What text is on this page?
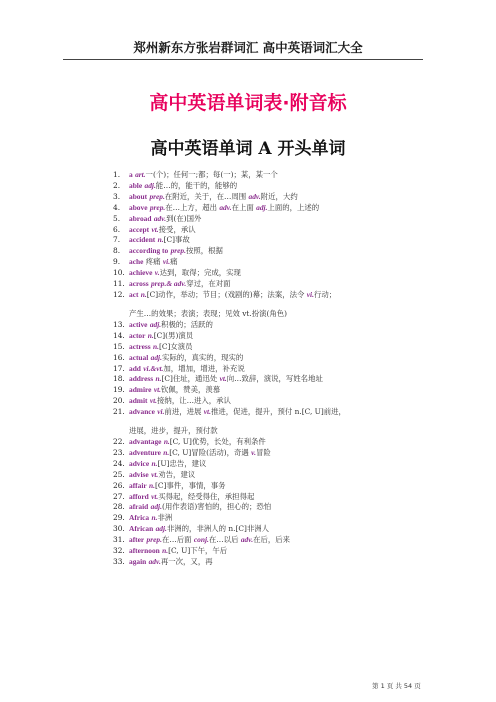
郑州新东方张岩群词汇 高中英语词汇大全
高中英语单词表·附音标
高中英语单词 A 开头单词
1.	a art.一(个)；任何一;都；每(一)；某，某一个
2.	able adj.能…的，能干的，能够的
3.	about prep.在附近，关于，在…周围 adv.附近，大约
4.	above prep.在…上方，超出 adv.在上面 adj.上面的，上述的
5.	abroad adv.到(在)国外
6.	accept vt.接受，承认
7.	accident n.[C]事故
8.	according to prep.按照，根据
9.	ache 疼痛 vi.痛
10. achieve v.达到，取得；完成，实现
11. across prep.& adv.穿过，在对面
12. act n.[C]动作，举动；节目；(戏剧的)幕；法案，法令 vi.行动；
产生…的效果；表演；表现；见效 vt.扮演(角色)
13. active adj.积极的；活跃的
14. actor n.[C](男)演员
15. actress n.[C]女演员
16. actual adj.实际的，真实的，现实的
17. add vi.&vt.加，增加，增进，补充说
18. address n.[C]住址，通迅处 vt.向…致辞，演说，写姓名地址
19. admire vt.钦佩，赞美，羡慕
20. admit vt.接纳，让…进入，承认
21. advance vi.前进，进展 vt.推进，促进，提升，预付 n.[C, U]前进，
进展，进步，提升，预付款
22. advantage n.[C, U]优势，长处，有利条件
23. adventure n.[C, U]冒险(活动)，奇遇 v.冒险
24. advice n.[U]忠告，建议
25. advise vt.劝告，建议
26. affair n.[C]事件，事情，事务
27. afford vt.买得起，经受得住，承担得起
28. afraid adj.(用作表语)害怕的，担心的；恐怕
29. Africa n.非洲
30. African adj.非洲的，非洲人的 n.[C]非洲人
31. after prep.在…后面 conj.在…以后 adv.在后，后来
32. afternoon n.[C, U]下午，午后
33. again adv.再一次，又，再
第 1 页 共 54 页
